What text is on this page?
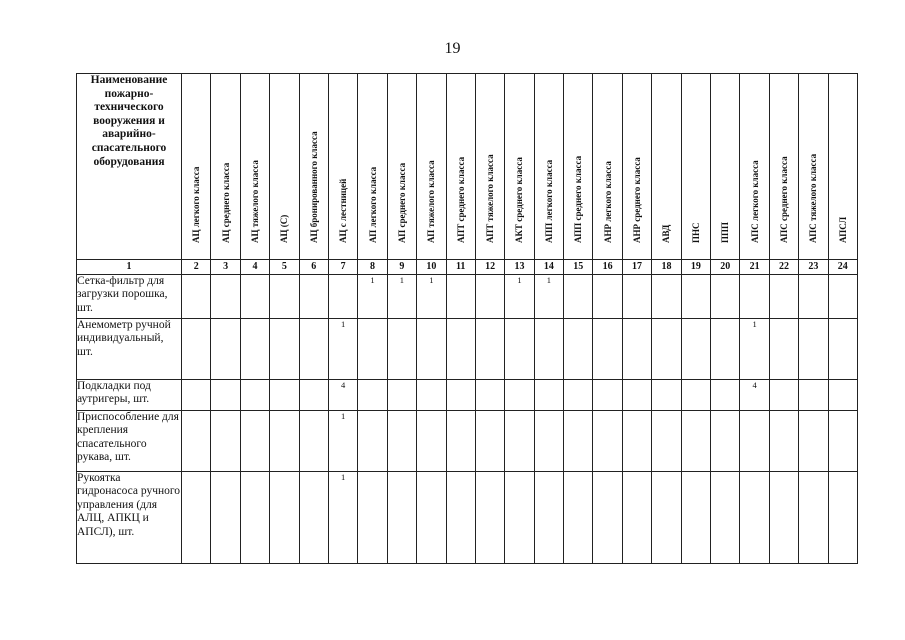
19
Наименование пожарно-технического вооружения и аварийно-спасательного оборудования	АЦ легкого класса	АЦ среднего класса	АЦ тяжелого класса	АЦ (С)	АЦ бронированного класса	АЦ с лестницей	АП легкого класса	АП среднего класса	АП тяжелого класса	АПТ среднего класса	АПТ тяжелого класса	АКТ среднего класса	АПП легкого класса	АПП среднего класса	АНР легкого класса	АНР среднего класса	АВД	ПНС	ППП	АПС легкого класса	АПС среднего класса	АПС тяжелого класса	АПСЛ

1	2	3	4	5	6	7	8	9	10	11	12	13	14	15	16	17	18	19	20	21	22	23	24
Сетка-фильтр для загрузки порошка, шт.							1	1	1			1	1										
Анемометр ручной индивидуальный, шт.						1														1			
Подкладки под аутригеры, шт.						4														4			
Приспособление для крепления спасательного рукава, шт.						1																	
Рукоятка гидронасоса ручного управления (для АЛЦ, АПКЦ и АПСЛ), шт.						1																	
